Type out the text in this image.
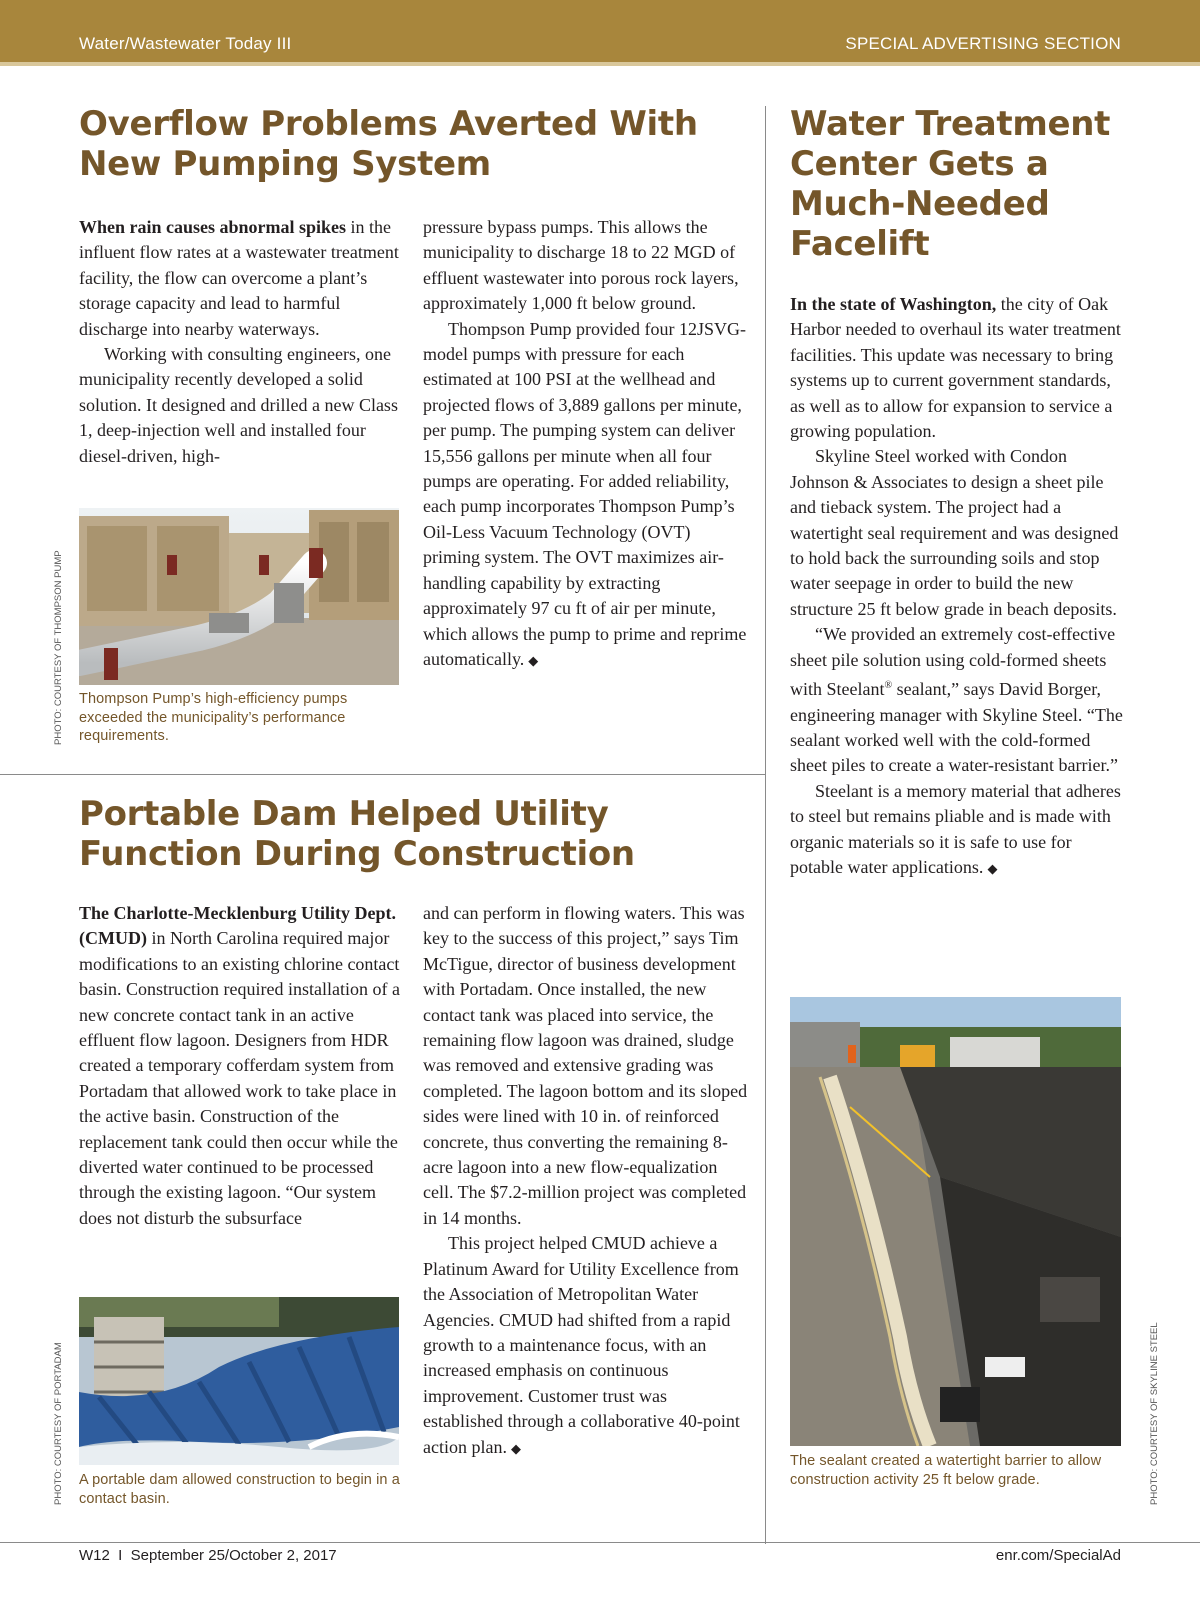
Water/Wastewater Today III	SPECIAL ADVERTISING SECTION
Overflow Problems Averted With New Pumping System

When rain causes abnormal spikes in the influent flow rates at a wastewater treatment facility, the flow can overcome a plant’s storage capacity and lead to harmful discharge into nearby waterways.

Working with consulting engineers, one municipality recently developed a solid solution. It designed and drilled a new Class 1, deep-injection well and installed four diesel-driven, high-

Thompson Pump’s high-efficiency pumps exceeded the municipality’s performance requirements.
PHOTO: COURTESY OF THOMPSON PUMP

pressure bypass pumps. This allows the municipality to discharge 18 to 22 MGD of effluent wastewater into porous rock layers, approximately 1,000 ft below ground.

Thompson Pump provided four 12JSVG-model pumps with pressure for each estimated at 100 PSI at the wellhead and projected flows of 3,889 gallons per minute, per pump. The pumping system can deliver 15,556 gallons per minute when all four pumps are operating. For added reliability, each pump incorporates Thompson Pump’s Oil-Less Vacuum Technology (OVT) priming system. The OVT maximizes air-handling capability by extracting approximately 97 cu ft of air per minute, which allows the pump to prime and reprime automatically. ◆

Portable Dam Helped Utility Function During Construction

The Charlotte-Mecklenburg Utility Dept. (CMUD) in North Carolina required major modifications to an existing chlorine contact basin. Construction required installation of a new concrete contact tank in an active effluent flow lagoon. Designers from HDR created a temporary cofferdam system from Portadam that allowed work to take place in the active basin. Construction of the replacement tank could then occur while the diverted water continued to be processed through the existing lagoon. “Our system does not disturb the subsurface

A portable dam allowed construction to begin in a contact basin.
PHOTO: COURTESY OF PORTADAM

and can perform in flowing waters. This was key to the success of this project,” says Tim McTigue, director of business development with Portadam. Once installed, the new contact tank was placed into service, the remaining flow lagoon was drained, sludge was removed and extensive grading was completed. The lagoon bottom and its sloped sides were lined with 10 in. of reinforced concrete, thus converting the remaining 8-acre lagoon into a new flow-equalization cell. The $7.2-million project was completed in 14 months.

This project helped CMUD achieve a Platinum Award for Utility Excellence from the Association of Metropolitan Water Agencies. CMUD had shifted from a rapid growth to a maintenance focus, with an increased emphasis on continuous improvement. Customer trust was established through a collaborative 40-point action plan. ◆

Water Treatment Center Gets a Much-Needed Facelift

In the state of Washington, the city of Oak Harbor needed to overhaul its water treatment facilities. This update was necessary to bring systems up to current government standards, as well as to allow for expansion to service a growing population.

Skyline Steel worked with Condon Johnson & Associates to design a sheet pile and tieback system. The project had a watertight seal requirement and was designed to hold back the surrounding soils and stop water seepage in order to build the new structure 25 ft below grade in beach deposits.

“We provided an extremely cost-effective sheet pile solution using cold-formed sheets with Steelant® sealant,” says David Borger, engineering manager with Skyline Steel. “The sealant worked well with the cold-formed sheet piles to create a water-resistant barrier.”

Steelant is a memory material that adheres to steel but remains pliable and is made with organic materials so it is safe to use for potable water applications. ◆

The sealant created a watertight barrier to allow construction activity 25 ft below grade.	PHOTO: COURTESY OF SKYLINE STEEL
W12  I  September 25/October 2, 2017	enr.com/SpecialAd
